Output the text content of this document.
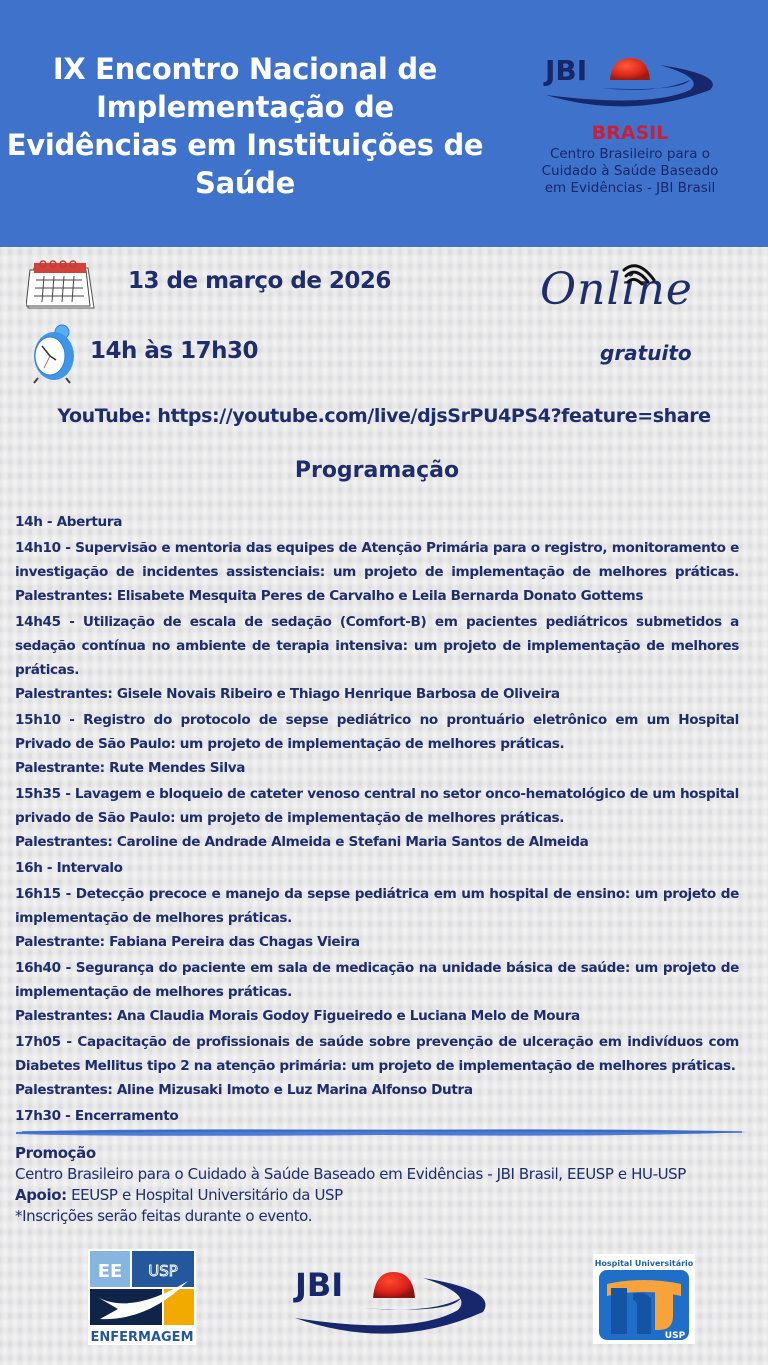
IX Encontro Nacional de
Implementação de
Evidências em Instituições de
Saúde
JBI
BRASIL
Centro Brasileiro para o
Cuidado à Saúde Baseado
em Evidências - JBI Brasil
13 de março de 2026
14h às 17h30
Online
gratuito
YouTube: https://youtube.com/live/djsSrPU4PS4?feature=share
Programação
14h - Abertura
14h10 - Supervisão e mentoria das equipes de Atenção Primária para o registro, monitoramento e investigação de incidentes assistenciais: um projeto de implementação de melhores práticas. Palestrantes: Elisabete Mesquita Peres de Carvalho e Leila Bernarda Donato Gottems
14h45 - Utilização de escala de sedação (Comfort-B) em pacientes pediátricos submetidos a sedação contínua no ambiente de terapia intensiva: um projeto de implementação de melhores práticas.
Palestrantes: Gisele Novais Ribeiro e Thiago Henrique Barbosa de Oliveira
15h10 - Registro do protocolo de sepse pediátrico no prontuário eletrônico em um Hospital Privado de São Paulo: um projeto de implementação de melhores práticas.
Palestrante: Rute Mendes Silva
15h35 - Lavagem e bloqueio de cateter venoso central no setor onco-hematológico de um hospital privado de São Paulo: um projeto de implementação de melhores práticas.
Palestrantes: Caroline de Andrade Almeida e Stefani Maria Santos de Almeida
16h - Intervalo
16h15 - Detecção precoce e manejo da sepse pediátrica em um hospital de ensino: um projeto de implementação de melhores práticas.
Palestrante: Fabiana Pereira das Chagas Vieira
16h40 - Segurança do paciente em sala de medicação na unidade básica de saúde: um projeto de implementação de melhores práticas.
Palestrantes: Ana Claudia Morais Godoy Figueiredo e Luciana Melo de Moura
17h05 - Capacitação de profissionais de saúde sobre prevenção de ulceração em indivíduos com Diabetes Mellitus tipo 2 na atenção primária: um projeto de implementação de melhores práticas.
Palestrantes: Aline Mizusaki Imoto e Luz Marina Alfonso Dutra
17h30 - Encerramento
Promoção
Centro Brasileiro para o Cuidado à Saúde Baseado em Evidências - JBI Brasil, EEUSP e HU-USP
Apoio: EEUSP e Hospital Universitário da USP
*Inscrições serão feitas durante o evento.
EE USP
ENFERMAGEM
JBI
Hospital Universitário
USP
